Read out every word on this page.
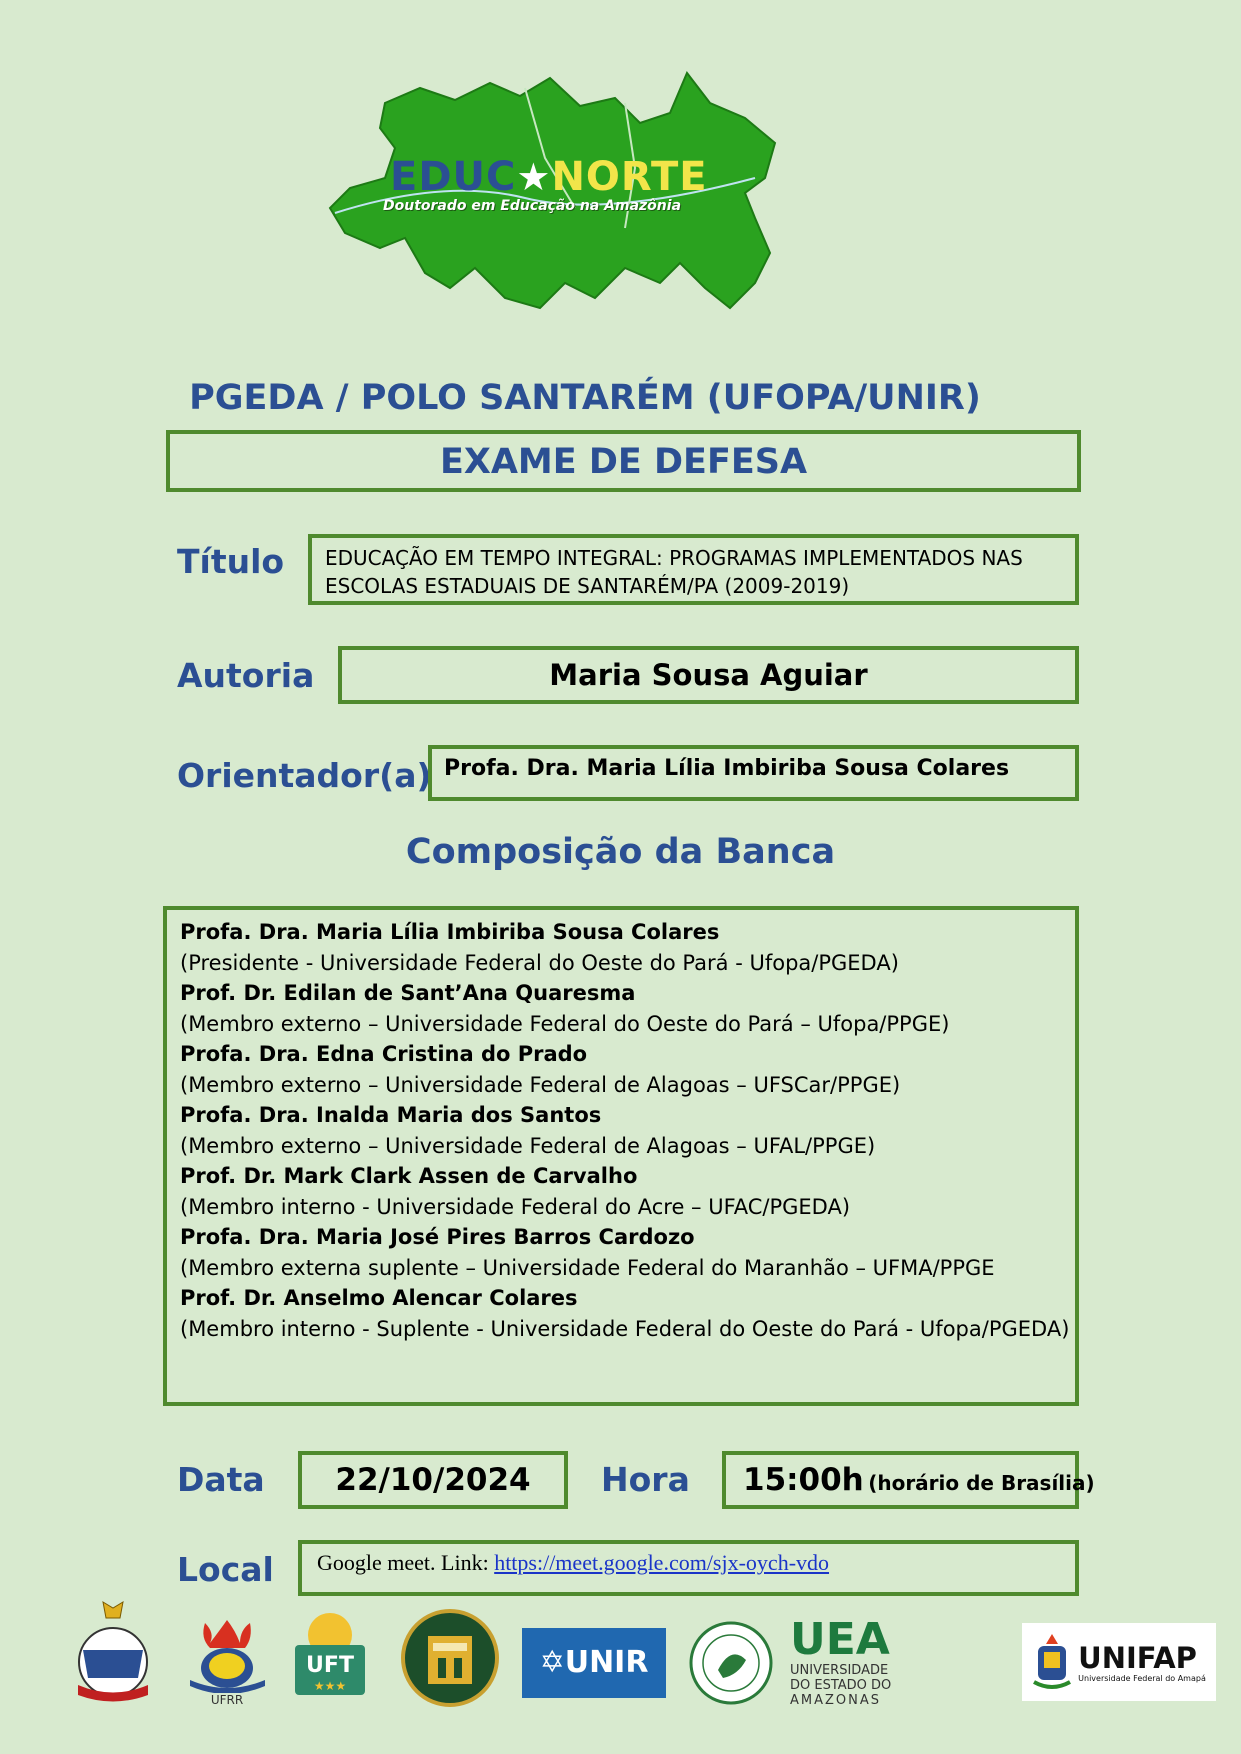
EDUC★NORTE
Doutorado em Educação na Amazônia
PGEDA / POLO SANTARÉM (UFOPA/UNIR)
EXAME DE DEFESA
Título EDUCAÇÃO EM TEMPO INTEGRAL: PROGRAMAS IMPLEMENTADOS NAS
ESCOLAS ESTADUAIS DE SANTARÉM/PA (2009-2019)
Autoria	Maria Sousa Aguiar
Orientador(a) Profa. Dra. Maria Lília Imbiriba Sousa Colares
Composição da Banca
Profa. Dra. Maria Lília Imbiriba Sousa Colares
(Presidente - Universidade Federal do Oeste do Pará - Ufopa/PGEDA)
Prof. Dr. Edilan de Sant’Ana Quaresma
(Membro externo – Universidade Federal do Oeste do Pará – Ufopa/PPGE)
Profa. Dra. Edna Cristina do Prado
(Membro externo – Universidade Federal de Alagoas – UFSCar/PPGE)
Profa. Dra. Inalda Maria dos Santos
(Membro externo – Universidade Federal de Alagoas – UFAL/PPGE)
Prof. Dr. Mark Clark Assen de Carvalho
(Membro interno - Universidade Federal do Acre – UFAC/PGEDA)
Profa. Dra. Maria José Pires Barros Cardozo
(Membro externa suplente – Universidade Federal do Maranhão – UFMA/PPGE
Prof. Dr. Anselmo Alencar Colares
(Membro interno - Suplente - Universidade Federal do Oeste do Pará - Ufopa/PGEDA)
Data	22/10/2024	Hora	15:00h (horário de Brasília)
Local	Google meet. Link: https://meet.google.com/sjx-oych-vdo
UFRR
UFT
★★★
✡UNIR	UEA
UNIVERSIDADE
DO ESTADO DO
AMAZONAS
UNIFAP
Universidade Federal do Amapá
